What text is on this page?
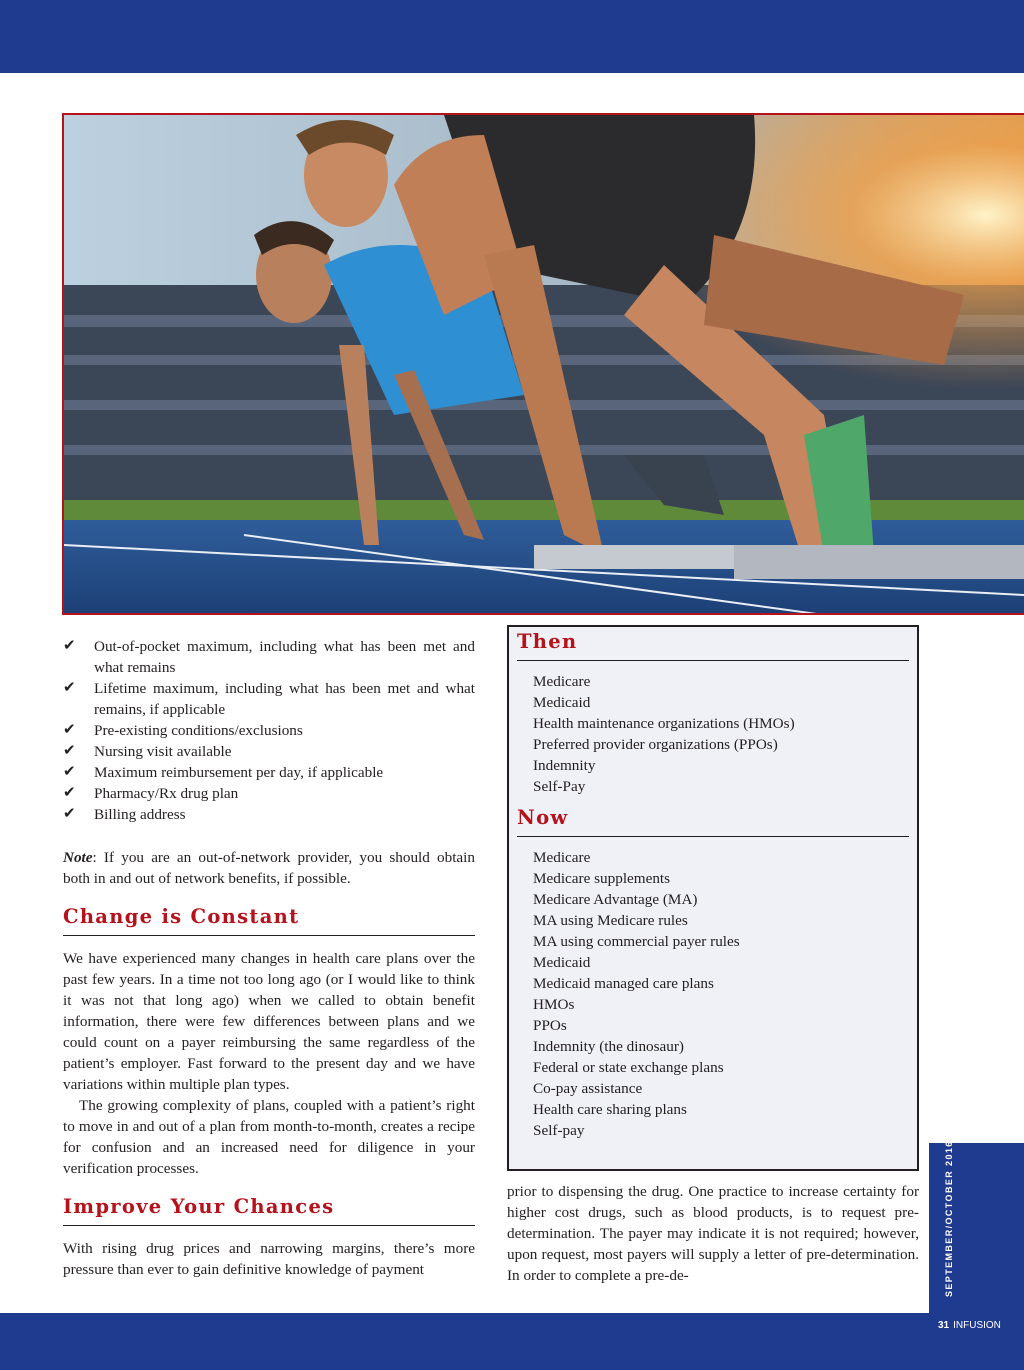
✔ Out-of-pocket maximum, including what has been met and what remains
✔ Lifetime maximum, including what has been met and what remains, if applicable
✔ Pre-existing conditions/exclusions
✔ Nursing visit available
✔ Maximum reimbursement per day, if applicable
✔ Pharmacy/Rx drug plan
✔ Billing address

Note: If you are an out-of-network provider, you should obtain both in and out of network benefits, if possible.

Change is Constant

We have experienced many changes in health care plans over the past few years. In a time not too long ago (or I would like to think it was not that long ago) when we called to obtain benefit information, there were few differences between plans and we could count on a payer reimbursing the same regardless of the patient’s employer. Fast forward to the present day and we have variations within multiple plan types.

The growing complexity of plans, coupled with a patient’s right to move in and out of a plan from month-to-month, creates a recipe for confusion and an increased need for diligence in your verification processes.

Improve Your Chances

With rising drug prices and narrowing margins, there’s more pressure than ever to gain definitive knowledge of payment

Then
Medicare
Medicaid
Health maintenance organizations (HMOs)
Preferred provider organizations (PPOs)
Indemnity
Self-Pay
Now
Medicare
Medicare supplements
Medicare Advantage (MA)
MA using Medicare rules
MA using commercial payer rules
Medicaid
Medicaid managed care plans
HMOs
PPOs
Indemnity (the dinosaur)
Federal or state exchange plans
Co-pay assistance
Health care sharing plans
Self-pay

prior to dispensing the drug. One practice to increase certainty for higher cost drugs, such as blood products, is to request pre-determination. The payer may indicate it is not required; however, upon request, most payers will supply a letter of pre-determination. In order to complete a pre-de-	SEPTEMBER/OCTOBER 2016
31 INFUSION
